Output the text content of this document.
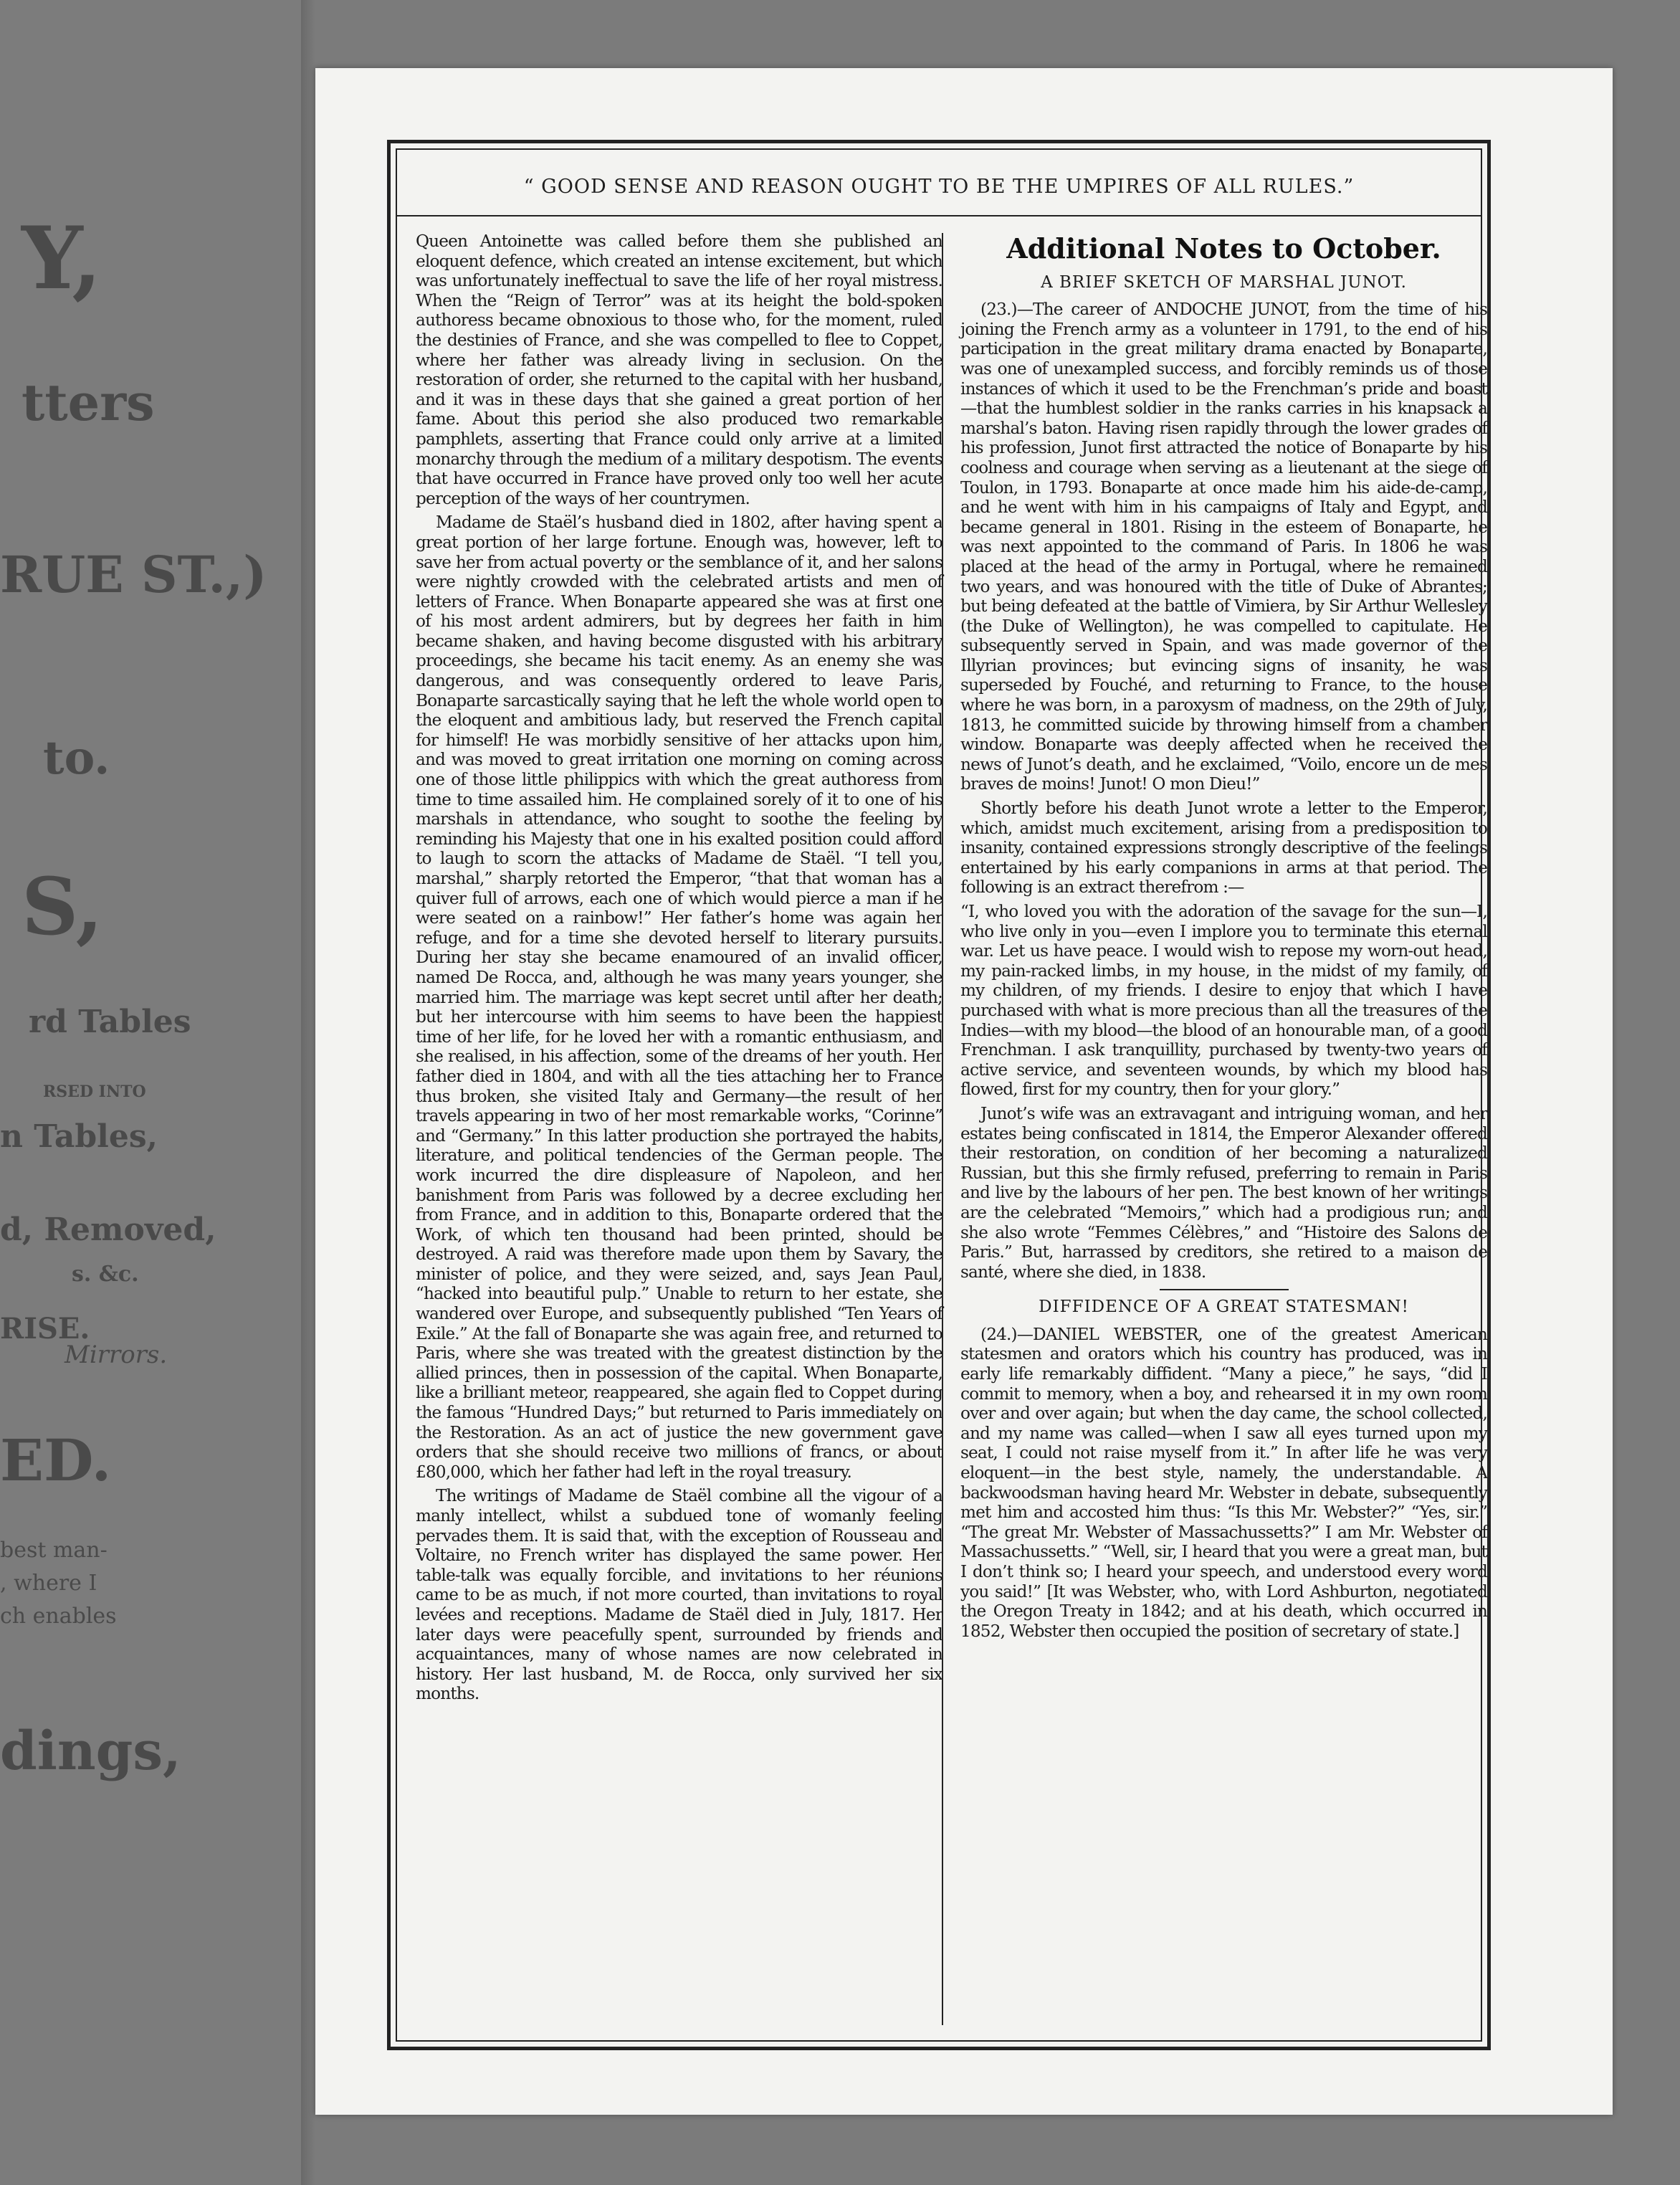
Y,
tters
RUE ST.,)
to.
S,
rd Tables
RSED INTO
n Tables,
d, Removed,
s. &c.
RISE.
Mirrors.
ED.
best man-
, where I
ch enables
dings,
“ GOOD SENSE AND REASON OUGHT TO BE THE UMPIRES OF ALL RULES.”

Queen Antoinette was called before them she published an eloquent defence, which created an intense excitement, but which was unfortunately ineffectual to save the life of her royal mistress. When the “Reign of Terror” was at its height the bold-spoken authoress became obnoxious to those who, for the moment, ruled the destinies of France, and she was compelled to flee to Coppet, where her father was already living in seclusion. On the restoration of order, she returned to the capital with her husband, and it was in these days that she gained a great portion of her fame. About this period she also produced two remarkable pamphlets, asserting that France could only arrive at a limited monarchy through the medium of a military despotism. The events that have occurred in France have proved only too well her acute perception of the ways of her countrymen.

Madame de Staël’s husband died in 1802, after having spent a great portion of her large fortune. Enough was, however, left to save her from actual poverty or the semblance of it, and her salons were nightly crowded with the celebrated artists and men of letters of France. When Bonaparte appeared she was at first one of his most ardent admirers, but by degrees her faith in him became shaken, and having become disgusted with his arbitrary proceedings, she became his tacit enemy. As an enemy she was dangerous, and was consequently ordered to leave Paris, Bonaparte sarcastically saying that he left the whole world open to the eloquent and ambitious lady, but reserved the French capital for himself! He was morbidly sensitive of her attacks upon him, and was moved to great irritation one morning on coming across one of those little philippics with which the great authoress from time to time assailed him. He complained sorely of it to one of his marshals in attendance, who sought to soothe the feeling by reminding his Majesty that one in his exalted position could afford to laugh to scorn the attacks of Madame de Staël. “I tell you, marshal,” sharply retorted the Emperor, “that that woman has a quiver full of arrows, each one of which would pierce a man if he were seated on a rainbow!” Her father’s home was again her refuge, and for a time she devoted herself to literary pursuits. During her stay she became enamoured of an invalid officer, named De Rocca, and, although he was many years younger, she married him. The marriage was kept secret until after her death; but her intercourse with him seems to have been the happiest time of her life, for he loved her with a romantic enthusiasm, and she realised, in his affection, some of the dreams of her youth. Her father died in 1804, and with all the ties attaching her to France thus broken, she visited Italy and Germany—the result of her travels appearing in two of her most remarkable works, “Corinne” and “Germany.” In this latter production she portrayed the habits, literature, and political tendencies of the German people. The work incurred the dire displeasure of Napoleon, and her banishment from Paris was followed by a decree excluding her from France, and in addition to this, Bonaparte ordered that the Work, of which ten thousand had been printed, should be destroyed. A raid was therefore made upon them by Savary, the minister of police, and they were seized, and, says Jean Paul, “hacked into beautiful pulp.” Unable to return to her estate, she wandered over Europe, and subsequently published “Ten Years of Exile.” At the fall of Bonaparte she was again free, and returned to Paris, where she was treated with the greatest distinction by the allied princes, then in possession of the capital. When Bonaparte, like a brilliant meteor, reappeared, she again fled to Coppet during the famous “Hundred Days;” but returned to Paris immediately on the Restoration. As an act of justice the new government gave orders that she should receive two millions of francs, or about £80,000, which her father had left in the royal treasury.

The writings of Madame de Staël combine all the vigour of a manly intellect, whilst a subdued tone of womanly feeling pervades them. It is said that, with the exception of Rousseau and Voltaire, no French writer has displayed the same power. Her table-talk was equally forcible, and invitations to her réunions came to be as much, if not more courted, than invitations to royal levées and receptions. Madame de Staël died in July, 1817. Her later days were peacefully spent, surrounded by friends and acquaintances, many of whose names are now celebrated in history. Her last husband, M. de Rocca, only survived her six months.

Additional Notes to October.
A BRIEF SKETCH OF MARSHAL JUNOT.

(23.)—The career of ANDOCHE JUNOT, from the time of his joining the French army as a volunteer in 1791, to the end of his participation in the great military drama enacted by Bonaparte, was one of unexampled success, and forcibly reminds us of those instances of which it used to be the Frenchman’s pride and boast—that the humblest soldier in the ranks carries in his knapsack a marshal’s baton. Having risen rapidly through the lower grades of his profession, Junot first attracted the notice of Bonaparte by his coolness and courage when serving as a lieutenant at the siege of Toulon, in 1793. Bonaparte at once made him his aide-de-camp, and he went with him in his campaigns of Italy and Egypt, and became general in 1801. Rising in the esteem of Bonaparte, he was next appointed to the command of Paris. In 1806 he was placed at the head of the army in Portugal, where he remained two years, and was honoured with the title of Duke of Abrantes; but being defeated at the battle of Vimiera, by Sir Arthur Wellesley (the Duke of Wellington), he was compelled to capitulate. He subsequently served in Spain, and was made governor of the Illyrian provinces; but evincing signs of insanity, he was superseded by Fouché, and returning to France, to the house where he was born, in a paroxysm of madness, on the 29th of July, 1813, he committed suicide by throwing himself from a chamber window. Bonaparte was deeply affected when he received the news of Junot’s death, and he exclaimed, “Voilo, encore un de mes braves de moins! Junot! O mon Dieu!”

Shortly before his death Junot wrote a letter to the Emperor, which, amidst much excitement, arising from a predisposition to insanity, contained expressions strongly descriptive of the feelings entertained by his early companions in arms at that period. The following is an extract therefrom :—

“I, who loved you with the adoration of the savage for the sun—I, who live only in you—even I implore you to terminate this eternal war. Let us have peace. I would wish to repose my worn-out head, my pain-racked limbs, in my house, in the midst of my family, of my children, of my friends. I desire to enjoy that which I have purchased with what is more precious than all the treasures of the Indies—with my blood—the blood of an honourable man, of a good Frenchman. I ask tranquillity, purchased by twenty-two years of active service, and seventeen wounds, by which my blood has flowed, first for my country, then for your glory.”

Junot’s wife was an extravagant and intriguing woman, and her estates being confiscated in 1814, the Emperor Alexander offered their restoration, on condition of her becoming a naturalized Russian, but this she firmly refused, preferring to remain in Paris and live by the labours of her pen. The best known of her writings are the celebrated “Memoirs,” which had a prodigious run; and she also wrote “Femmes Célèbres,” and “Histoire des Salons de Paris.” But, harrassed by creditors, she retired to a maison de santé, where she died, in 1838.

DIFFIDENCE OF A GREAT STATESMAN!

(24.)—DANIEL WEBSTER, one of the greatest American statesmen and orators which his country has produced, was in early life remarkably diffident. “Many a piece,” he says, “did I commit to memory, when a boy, and rehearsed it in my own room over and over again; but when the day came, the school collected, and my name was called—when I saw all eyes turned upon my seat, I could not raise myself from it.” In after life he was very eloquent—in the best style, namely, the understandable. A backwoodsman having heard Mr. Webster in debate, subsequently met him and accosted him thus: “Is this Mr. Webster?” “Yes, sir.” “The great Mr. Webster of Massachussetts?” I am Mr. Webster of Massachussetts.” “Well, sir, I heard that you were a great man, but I don’t think so; I heard your speech, and understood every word you said!” [It was Webster, who, with Lord Ashburton, negotiated the Oregon Treaty in 1842; and at his death, which occurred in 1852, Webster then occupied the position of secretary of state.]
